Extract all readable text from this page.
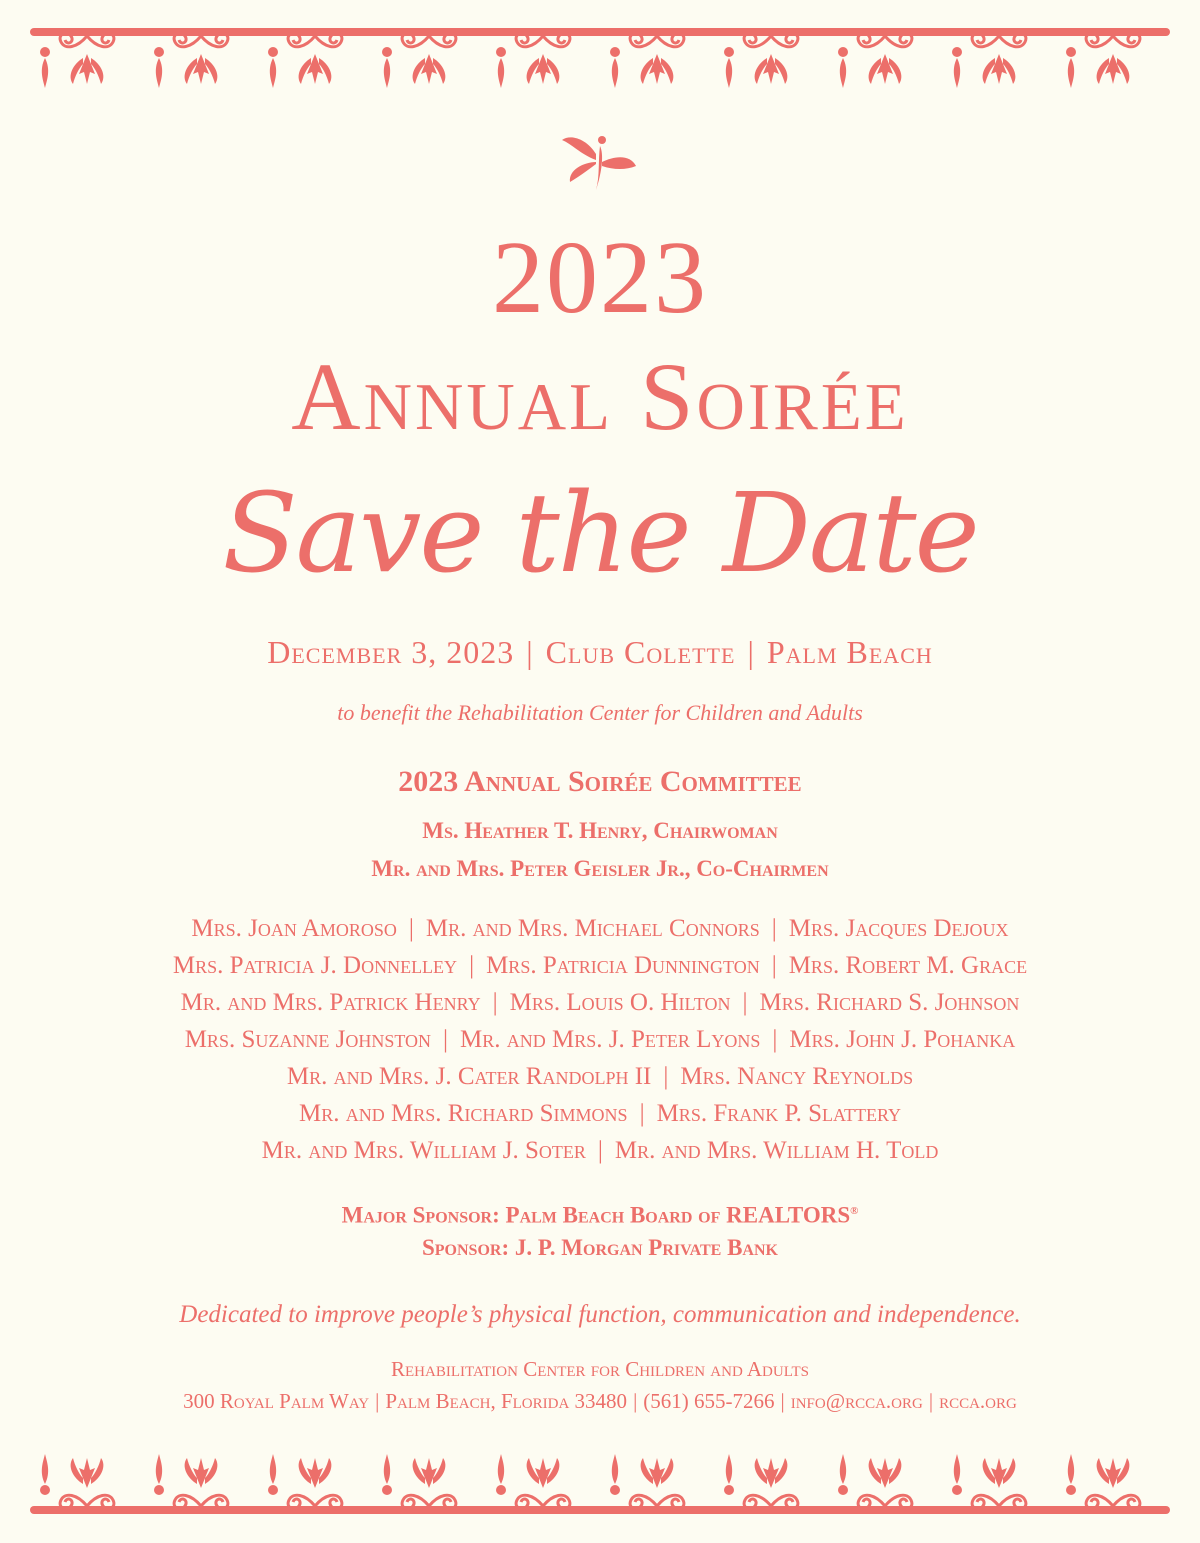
2023
Annual Soirée
Save the Date
December 3, 2023 | Club Colette | Palm Beach
to benefit the Rehabilitation Center for Children and Adults
2023 Annual Soirée Committee
Ms. Heather T. Henry, Chairwoman
Mr. and Mrs. Peter Geisler Jr., Co-Chairmen
Mrs. Joan Amoroso | Mr. and Mrs. Michael Connors | Mrs. Jacques Dejoux
Mrs. Patricia J. Donnelley | Mrs. Patricia Dunnington | Mrs. Robert M. Grace
Mr. and Mrs. Patrick Henry | Mrs. Louis O. Hilton | Mrs. Richard S. Johnson
Mrs. Suzanne Johnston | Mr. and Mrs. J. Peter Lyons | Mrs. John J. Pohanka
Mr. and Mrs. J. Cater Randolph II | Mrs. Nancy Reynolds
Mr. and Mrs. Richard Simmons | Mrs. Frank P. Slattery
Mr. and Mrs. William J. Soter | Mr. and Mrs. William H. Told
Major Sponsor: Palm Beach Board of REALTORS®
Sponsor: J. P. Morgan Private Bank
Dedicated to improve people’s physical function, communication and independence.
Rehabilitation Center for Children and Adults
300 Royal Palm Way | Palm Beach, Florida 33480 | (561) 655-7266 | info@rcca.org | rcca.org
